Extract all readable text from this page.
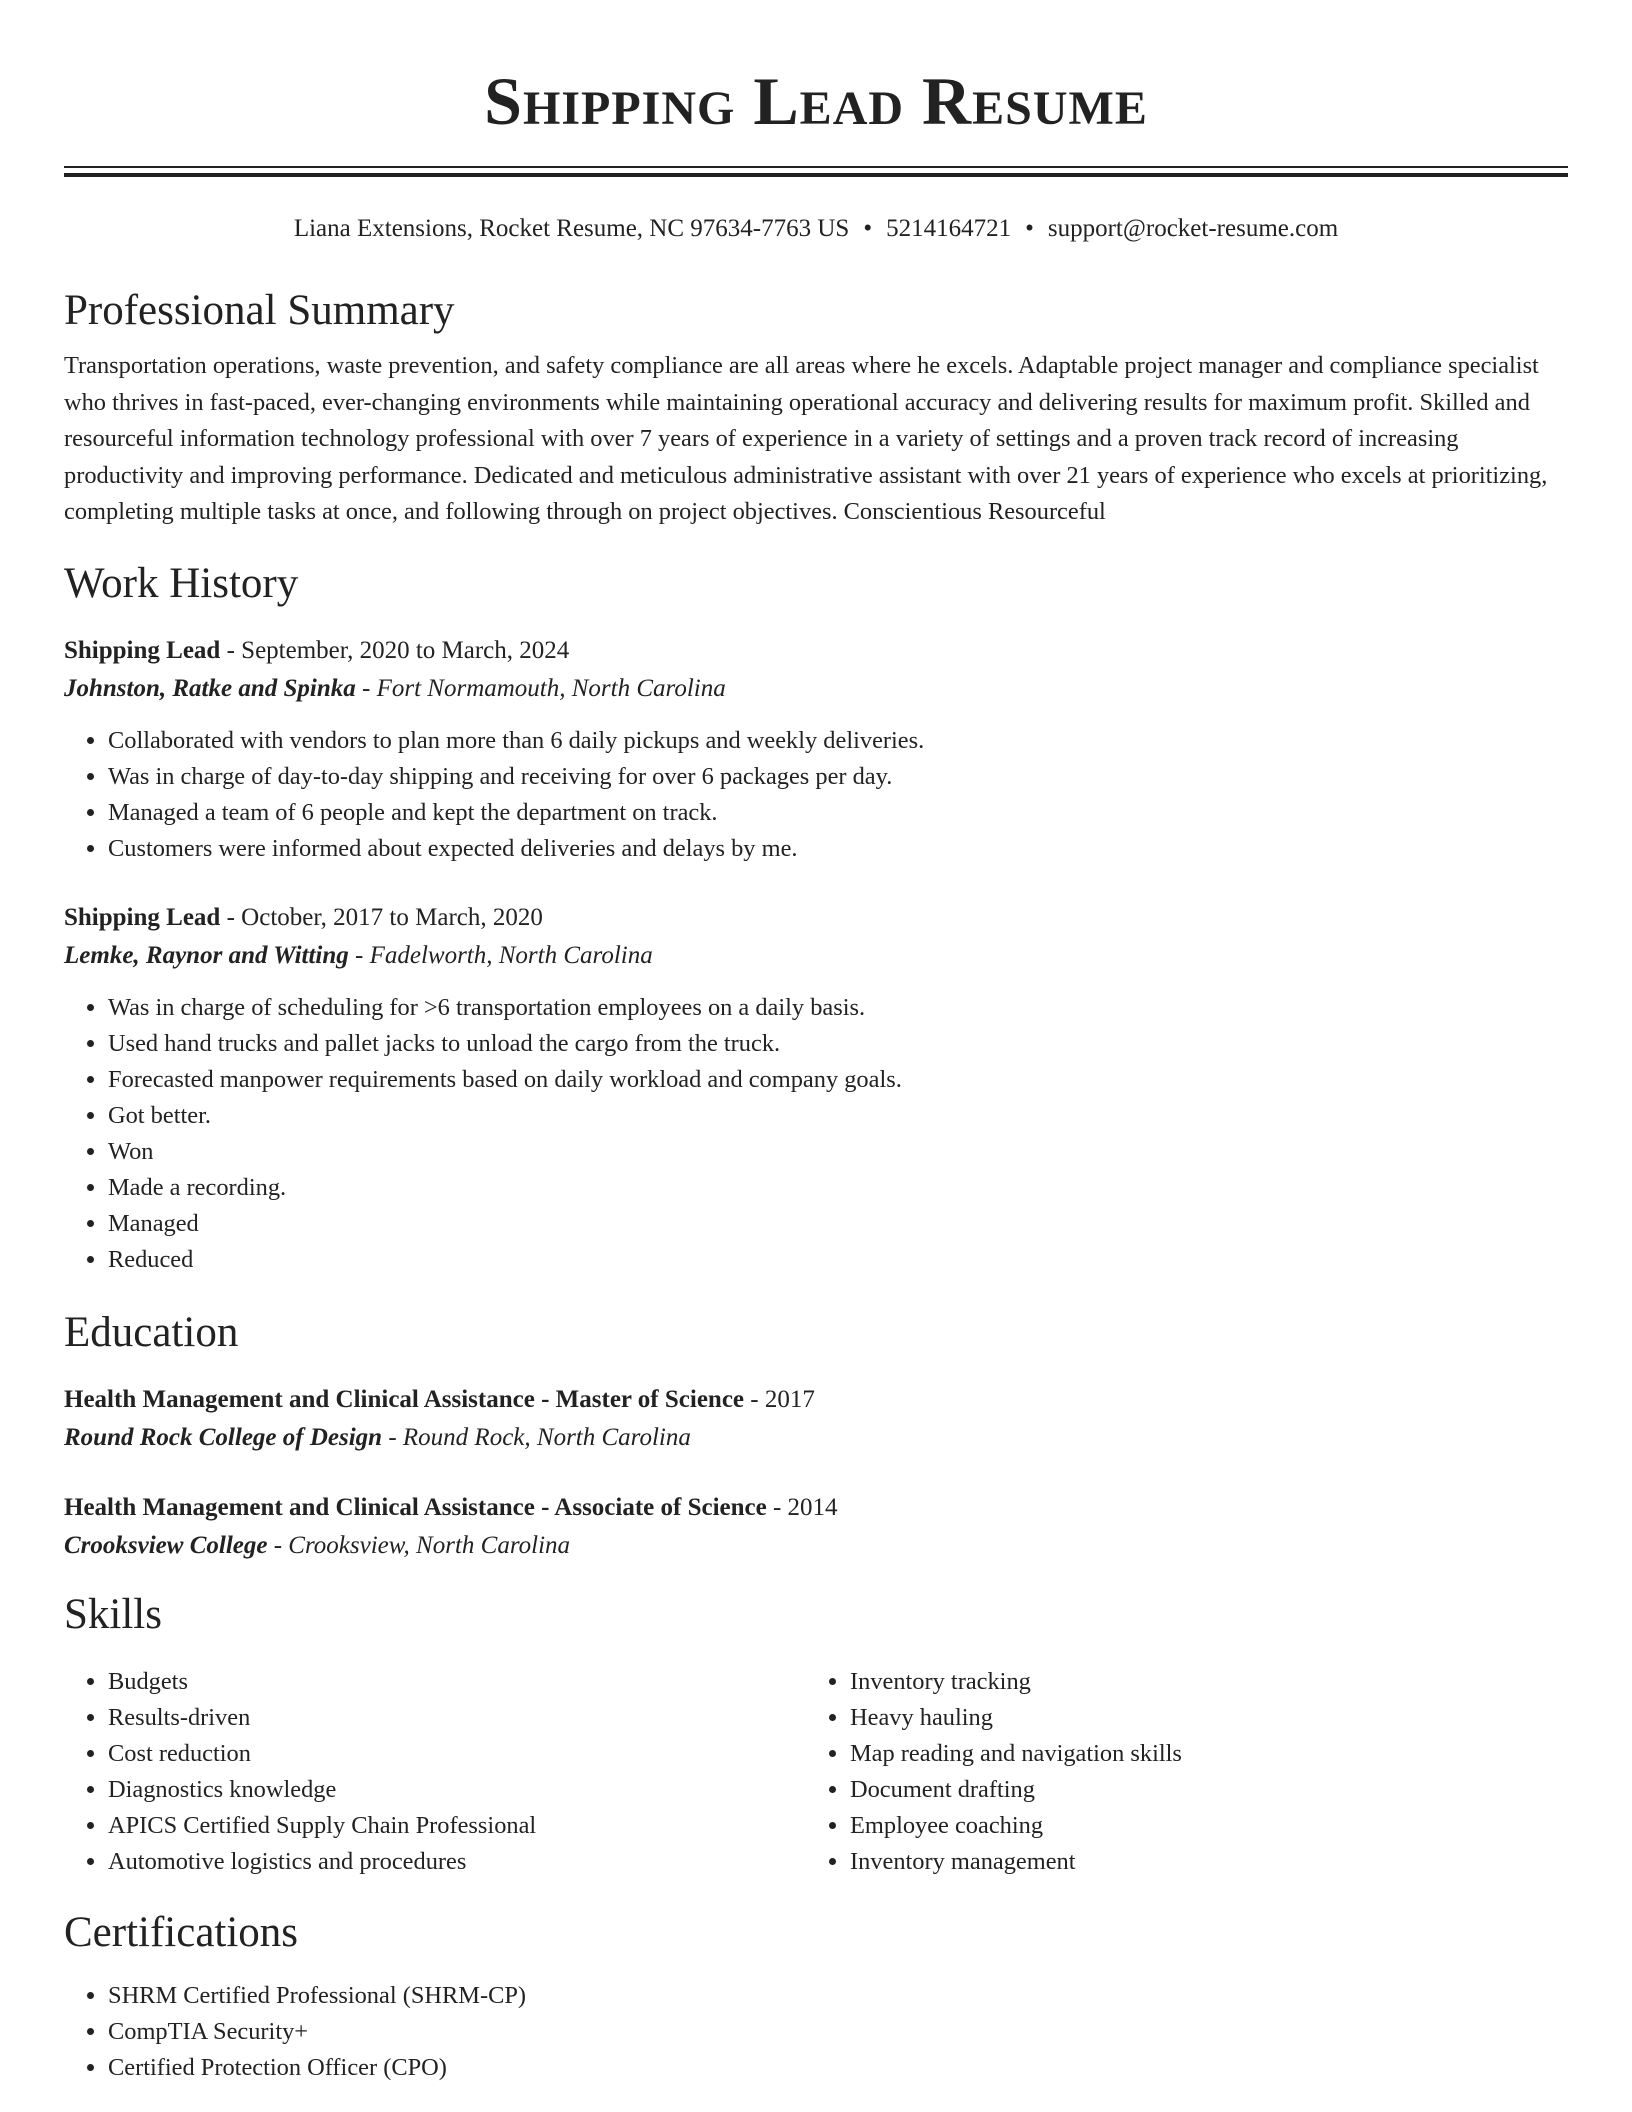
Shipping Lead Resume
Liana Extensions, Rocket Resume, NC 97634-7763 US • 5214164721 • support@rocket-resume.com
Professional Summary

Transportation operations, waste prevention, and safety compliance are all areas where he excels. Adaptable project manager and compliance specialist who thrives in fast-paced, ever-changing environments while maintaining operational accuracy and delivering results for maximum profit. Skilled and resourceful information technology professional with over 7 years of experience in a variety of settings and a proven track record of increasing productivity and improving performance. Dedicated and meticulous administrative assistant with over 21 years of experience who excels at prioritizing, completing multiple tasks at once, and following through on project objectives. Conscientious Resourceful

Work History

Shipping Lead - September, 2020 to March, 2024

Johnston, Ratke and Spinka - Fort Normamouth, North Carolina

• Collaborated with vendors to plan more than 6 daily pickups and weekly deliveries.
• Was in charge of day-to-day shipping and receiving for over 6 packages per day.
• Managed a team of 6 people and kept the department on track.
• Customers were informed about expected deliveries and delays by me.

Shipping Lead - October, 2017 to March, 2020

Lemke, Raynor and Witting - Fadelworth, North Carolina

• Was in charge of scheduling for >6 transportation employees on a daily basis.
• Used hand trucks and pallet jacks to unload the cargo from the truck.
• Forecasted manpower requirements based on daily workload and company goals.
• Got better.
• Won
• Made a recording.
• Managed
• Reduced
Education

Health Management and Clinical Assistance - Master of Science - 2017

Round Rock College of Design - Round Rock, North Carolina

Health Management and Clinical Assistance - Associate of Science - 2014

Crooksview College - Crooksview, North Carolina

Skills
• Budgets
• Results-driven
• Cost reduction
• Diagnostics knowledge
• APICS Certified Supply Chain Professional
• Automotive logistics and procedures
• Inventory tracking
• Heavy hauling
• Map reading and navigation skills
• Document drafting
• Employee coaching
• Inventory management
Certifications
• SHRM Certified Professional (SHRM-CP)
• CompTIA Security+
• Certified Protection Officer (CPO)
